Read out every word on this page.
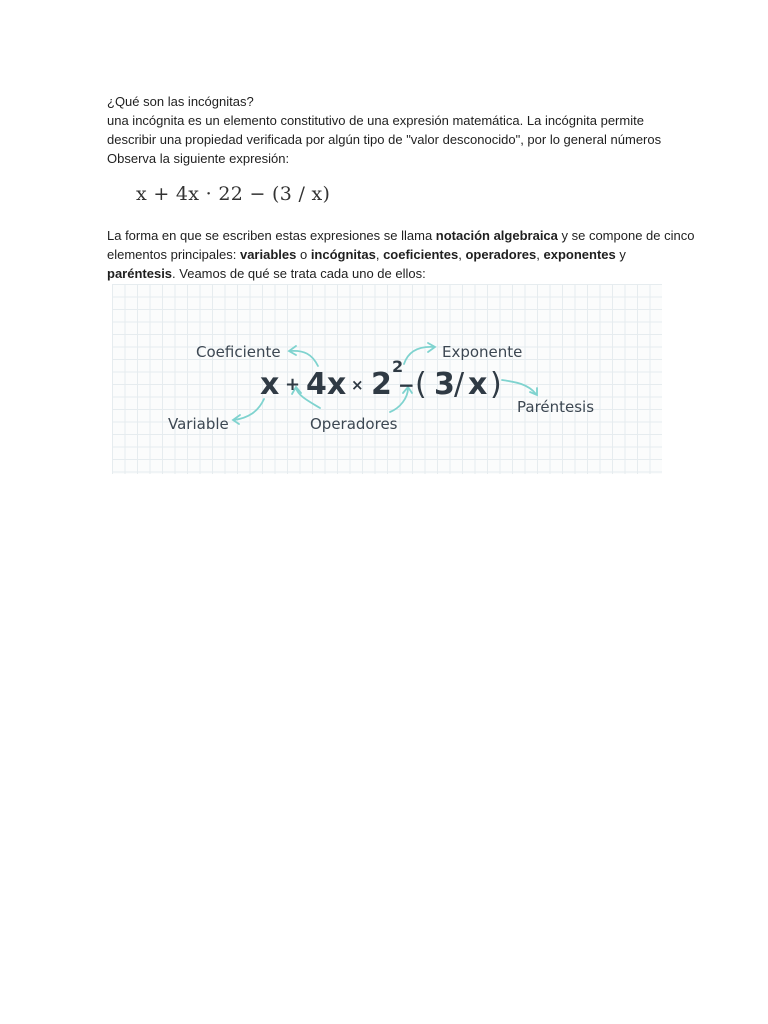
¿Qué son las incógnitas?
una incógnita es un elemento constitutivo de una expresión matemática. La incógnita permite
describir una propiedad verificada por algún tipo de "valor desconocido", por lo general números
Observa la siguiente expresión:
x + 4x · 22 − (3 / x)
La forma en que se escriben estas expresiones se llama notación algebraica y se compone de cinco
elementos principales: variables o incógnitas, coeficientes, operadores, exponentes y
paréntesis. Veamos de qué se trata cada uno de ellos:
Coeficiente	Exponente
Paréntesis
Variable	Operadores
x + 4x × 2
2
− ( 3 / x )
